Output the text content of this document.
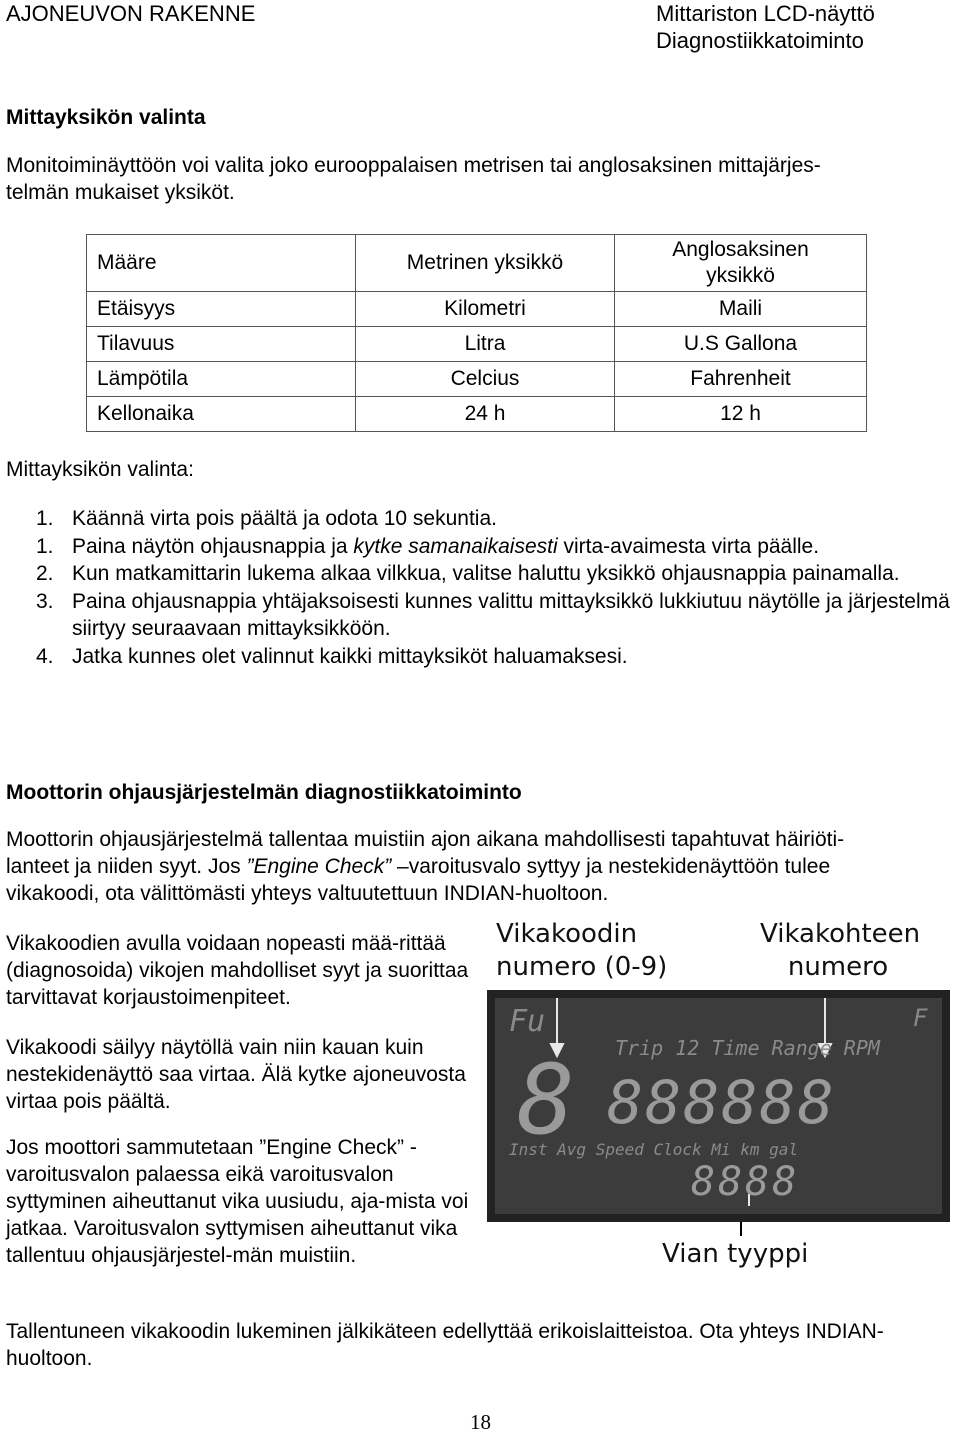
AJONEUVON RAKENNE	Mittariston LCD-näyttö
Diagnostiikkatoiminto
Mittayksikön valinta
Monitoiminäyttöön voi valita joko eurooppalaisen metrisen tai anglosaksinen mittajärjes-
telmän mukaiset yksiköt.
Määre	Metrinen yksikkö	Anglosaksinen
yksikkö

Etäisyys	Kilometri	Maili
Tilavuus	Litra	U.S Gallona
Lämpötila	Celcius	Fahrenheit
Kellonaika	24 h	12 h
Mittayksikön valinta:
1. Käännä virta pois päältä ja odota 10 sekuntia.
1. Paina näytön ohjausnappia ja kytke samanaikaisesti virta-avaimesta virta päälle.
2. Kun matkamittarin lukema alkaa vilkkua, valitse haluttu yksikkö ohjausnappia painamalla.
3. Paina ohjausnappia yhtäjaksoisesti kunnes valittu mittayksikkö lukkiutuu näytölle ja järjestelmä siirtyy seuraavaan mittayksikköön.
4. Jatka kunnes olet valinnut kaikki mittayksiköt haluamaksesi.
Moottorin ohjausjärjestelmän diagnostiikkatoiminto
Moottorin ohjausjärjestelmä tallentaa muistiin ajon aikana mahdollisesti tapahtuvat häiriöti-
lanteet ja niiden syyt. Jos ”Engine Check” –varoitusvalo syttyy ja nestekidenäyttöön tulee
vikakoodi, ota välittömästi yhteys valtuutettuun INDIAN-huoltoon.
Vikakoodien avulla voidaan nopeasti mää-rittää (diagnosoida) vikojen mahdolliset syyt ja suorittaa tarvittavat korjaustoimenpiteet.
Vikakoodi säilyy näytöllä vain niin kauan kuin nestekidenäyttö saa virtaa. Älä kytke ajoneuvosta virtaa pois päältä.
Jos moottori sammutetaan ”Engine Check” -varoitusvalon palaessa eikä varoitusvalon syttyminen aiheuttanut vika uusiudu, aja-mista voi jatkaa. Varoitusvalon syttymisen aiheuttanut vika tallentuu ohjausjärjestel-män muistiin.
Vikakoodin
numero (0-9)
Vikakohteen
numero
Fu	F
Trip 12 Time Range RPM
8 888888
Inst Avg Speed Clock Mi km gal
8888
Vian tyyppi
Tallentuneen vikakoodin lukeminen jälkikäteen edellyttää erikoislaitteistoa. Ota yhteys INDIAN-huoltoon.
18
